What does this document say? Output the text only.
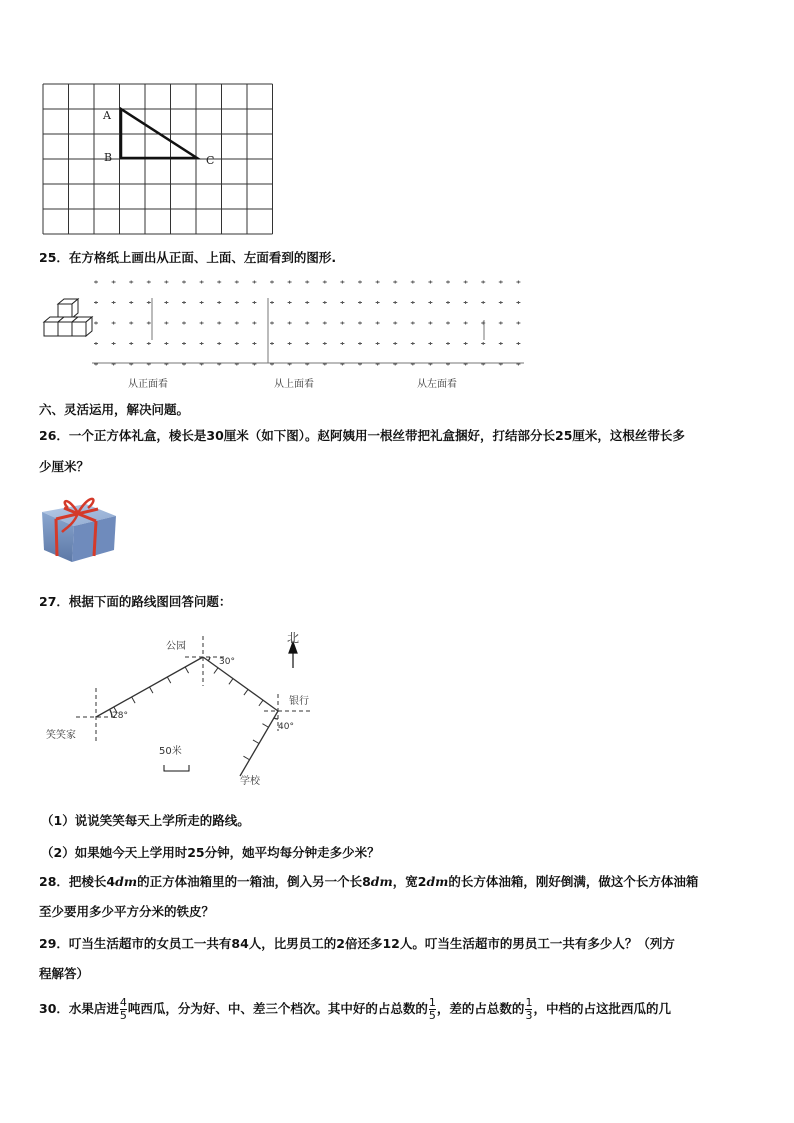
A
B	C
25．在方格纸上画出从正面、上面、左面看到的图形.
从正面看	从上面看	从左面看
六、灵活运用，解决问题。
26．一个正方体礼盒，棱长是30厘米（如下图）。赵阿姨用一根丝带把礼盒捆好，打结部分长25厘米，这根丝带长多
少厘米？
27．根据下面的路线图回答问题：
北
公园
30°
银行
28°
笑笑家
40°
50米
学校
（1）说说笑笑每天上学所走的路线。
（2）如果她今天上学用时25分钟，她平均每分钟走多少米？
28．把棱长4dm的正方体油箱里的一箱油，倒入另一个长8dm，宽2dm的长方体油箱，刚好倒满，做这个长方体油箱
至少要用多少平方分米的铁皮？
29．叮当生活超市的女员工一共有84人，比男员工的2倍还多12人。叮当生活超市的男员工一共有多少人？（列方
程解答）
30．水果店进 $\frac{4}{5}$ 吨西瓜，分为好、中、差三个档次。其中好的占总数的 $\frac{1}{5}$ ，差的占总数的 $\frac{1}{3}$ ，中档的占这批西瓜的几
